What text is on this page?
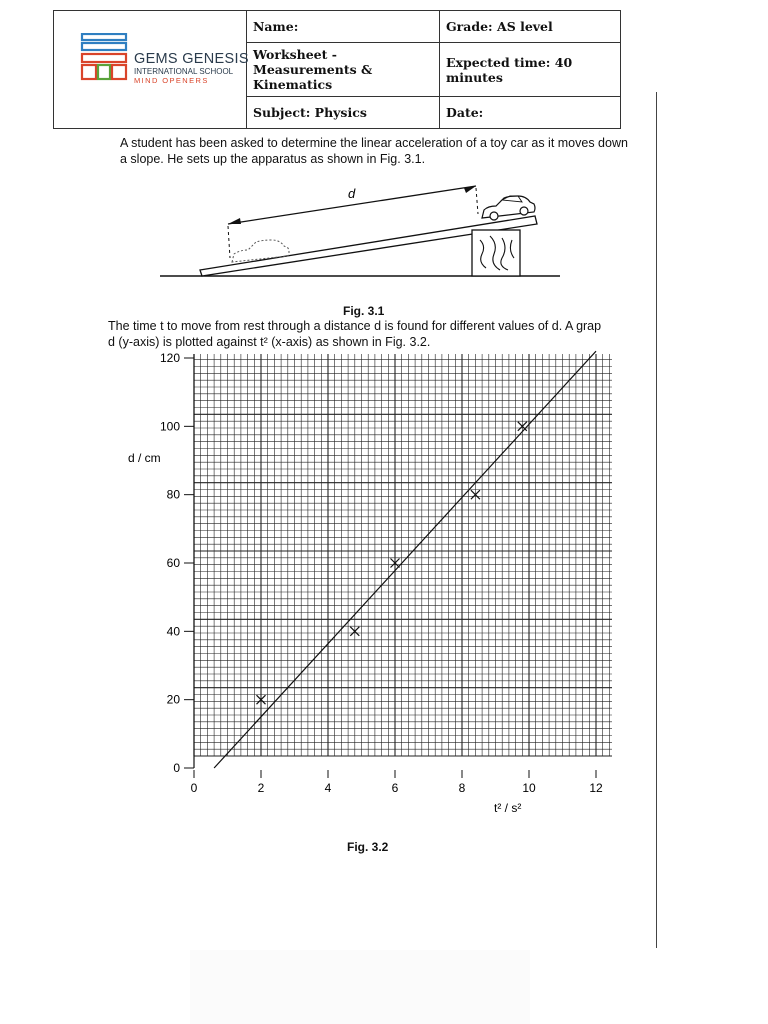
GEMS GENESIS
INTERNATIONAL SCHOOL
MIND OPENERS	Name:	Grade: AS level
	Worksheet - Measurements & Kinematics	Expected time: 40 minutes
	Subject: Physics	Date:
A student has been asked to determine the linear acceleration of a toy car as it moves down
a slope. He sets up the apparatus as shown in Fig. 3.1.
d
Fig. 3.1
The time t to move from rest through a distance d is found for different values of d. A grap
d (y-axis) is plotted against t² (x-axis) as shown in Fig. 3.2.
0
20
40
60
80
100
120
0	2	4	6	8	10	12
d / cm
t² / s²
Fig. 3.2
